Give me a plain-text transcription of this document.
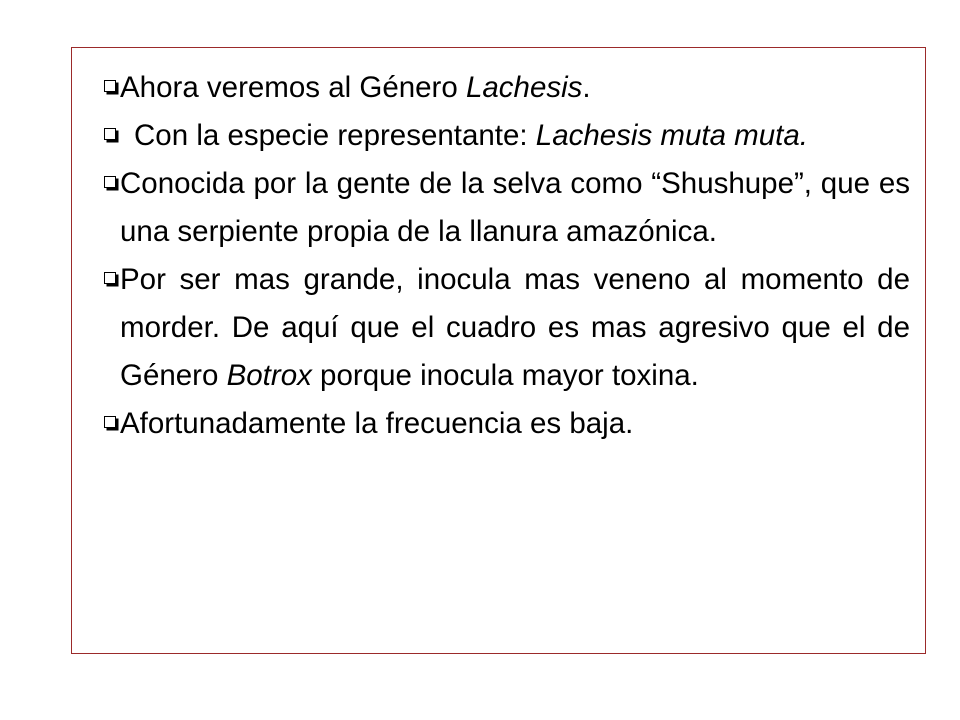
Ahora veremos al Género Lachesis.
Con la especie representante: Lachesis muta muta.
Conocida por la gente de la selva como “Shushupe”, que es una serpiente propia de la llanura amazónica.
Por ser mas grande, inocula mas veneno al momento de morder. De aquí que el cuadro es mas agresivo que el de Género Botrox porque inocula mayor toxina.
Afortunadamente la frecuencia es baja.
